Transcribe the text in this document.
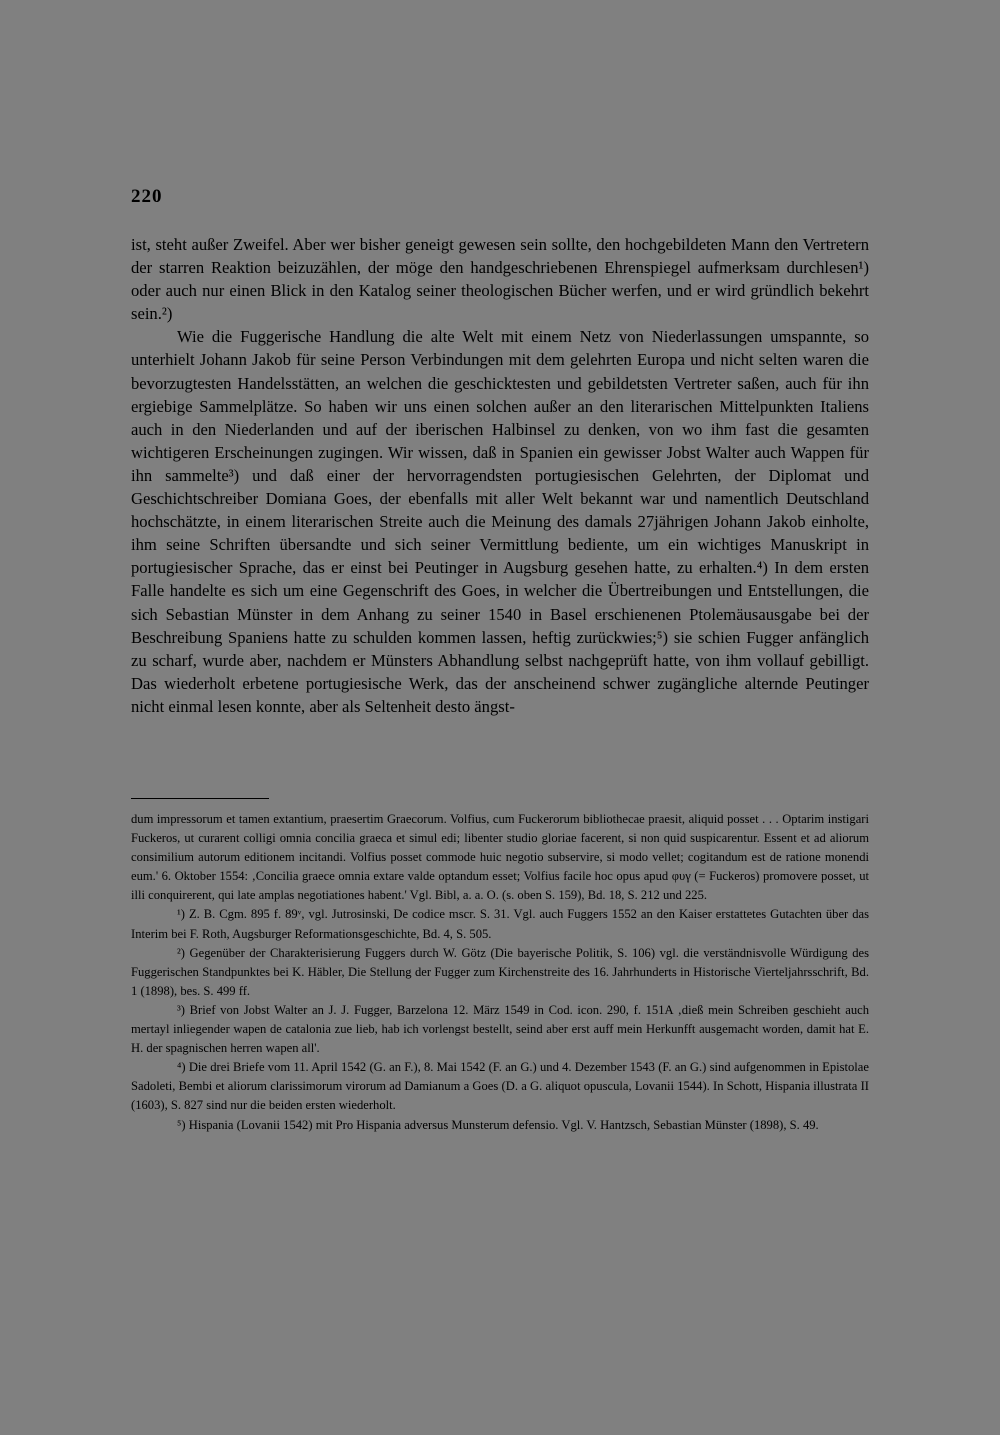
220

ist, steht außer Zweifel. Aber wer bisher geneigt gewesen sein sollte, den hochgebildeten Mann den Vertretern der starren Reaktion beizuzählen, der möge den handgeschriebenen Ehrenspiegel aufmerksam durchlesen¹) oder auch nur einen Blick in den Katalog seiner theologischen Bücher werfen, und er wird gründlich bekehrt sein.²)

Wie die Fuggerische Handlung die alte Welt mit einem Netz von Niederlassungen umspannte, so unterhielt Johann Jakob für seine Person Verbindungen mit dem gelehrten Europa und nicht selten waren die bevorzugtesten Handelsstätten, an welchen die geschicktesten und gebildetsten Vertreter saßen, auch für ihn ergiebige Sammelplätze. So haben wir uns einen solchen außer an den literarischen Mittelpunkten Italiens auch in den Niederlanden und auf der iberischen Halbinsel zu denken, von wo ihm fast die gesamten wichtigeren Erscheinungen zugingen. Wir wissen, daß in Spanien ein gewisser Jobst Walter auch Wappen für ihn sammelte³) und daß einer der hervorragendsten portugiesischen Gelehrten, der Diplomat und Geschichtschreiber Domiana Goes, der ebenfalls mit aller Welt bekannt war und namentlich Deutschland hochschätzte, in einem literarischen Streite auch die Meinung des damals 27jährigen Johann Jakob einholte, ihm seine Schriften übersandte und sich seiner Vermittlung bediente, um ein wichtiges Manuskript in portugiesischer Sprache, das er einst bei Peutinger in Augsburg gesehen hatte, zu erhalten.⁴) In dem ersten Falle handelte es sich um eine Gegenschrift des Goes, in welcher die Übertreibungen und Entstellungen, die sich Sebastian Münster in dem Anhang zu seiner 1540 in Basel erschienenen Ptolemäusausgabe bei der Beschreibung Spaniens hatte zu schulden kommen lassen, heftig zurückwies;⁵) sie schien Fugger anfänglich zu scharf, wurde aber, nachdem er Münsters Abhandlung selbst nachgeprüft hatte, von ihm vollauf gebilligt. Das wiederholt erbetene portugiesische Werk, das der anscheinend schwer zugängliche alternde Peutinger nicht einmal lesen konnte, aber als Seltenheit desto ängst-

dum impressorum et tamen extantium, praesertim Graecorum. Volfius, cum Fuckerorum bibliothecae praesit, aliquid posset . . . Optarim instigari Fuckeros, ut curarent colligi omnia concilia graeca et simul edi; libenter studio gloriae facerent, si non quid suspicarentur. Essent et ad aliorum consimilium autorum editionem incitandi. Volfius posset commode huic negotio subservire, si modo vellet; cogitandum est de ratione monendi eum.' 6. Oktober 1554: ‚Concilia graece omnia extare valde optandum esset; Volfius facile hoc opus apud φυγ (= Fuckeros) promovere posset, ut illi conquirerent, qui late amplas negotiationes habent.' Vgl. Bibl, a. a. O. (s. oben S. 159), Bd. 18, S. 212 und 225.

¹) Z. B. Cgm. 895 f. 89ᵛ, vgl. Jutrosinski, De codice mscr. S. 31. Vgl. auch Fuggers 1552 an den Kaiser erstattetes Gutachten über das Interim bei F. Roth, Augsburger Reformationsgeschichte, Bd. 4, S. 505.

²) Gegenüber der Charakterisierung Fuggers durch W. Götz (Die bayerische Politik, S. 106) vgl. die verständnisvolle Würdigung des Fuggerischen Standpunktes bei K. Häbler, Die Stellung der Fugger zum Kirchenstreite des 16. Jahrhunderts in Historische Vierteljahrsschrift, Bd. 1 (1898), bes. S. 499 ff.

³) Brief von Jobst Walter an J. J. Fugger, Barzelona 12. März 1549 in Cod. icon. 290, f. 151A ‚dieß mein Schreiben geschieht auch mertayl inliegender wapen de catalonia zue lieb, hab ich vorlengst bestellt, seind aber erst auff mein Herkunfft ausgemacht worden, damit hat E. H. der spagnischen herren wapen all'.

⁴) Die drei Briefe vom 11. April 1542 (G. an F.), 8. Mai 1542 (F. an G.) und 4. Dezember 1543 (F. an G.) sind aufgenommen in Epistolae Sadoleti, Bembi et aliorum clarissimorum virorum ad Damianum a Goes (D. a G. aliquot opuscula, Lovanii 1544). In Schott, Hispania illustrata II (1603), S. 827 sind nur die beiden ersten wiederholt.

⁵) Hispania (Lovanii 1542) mit Pro Hispania adversus Munsterum defensio. Vgl. V. Hantzsch, Sebastian Münster (1898), S. 49.
